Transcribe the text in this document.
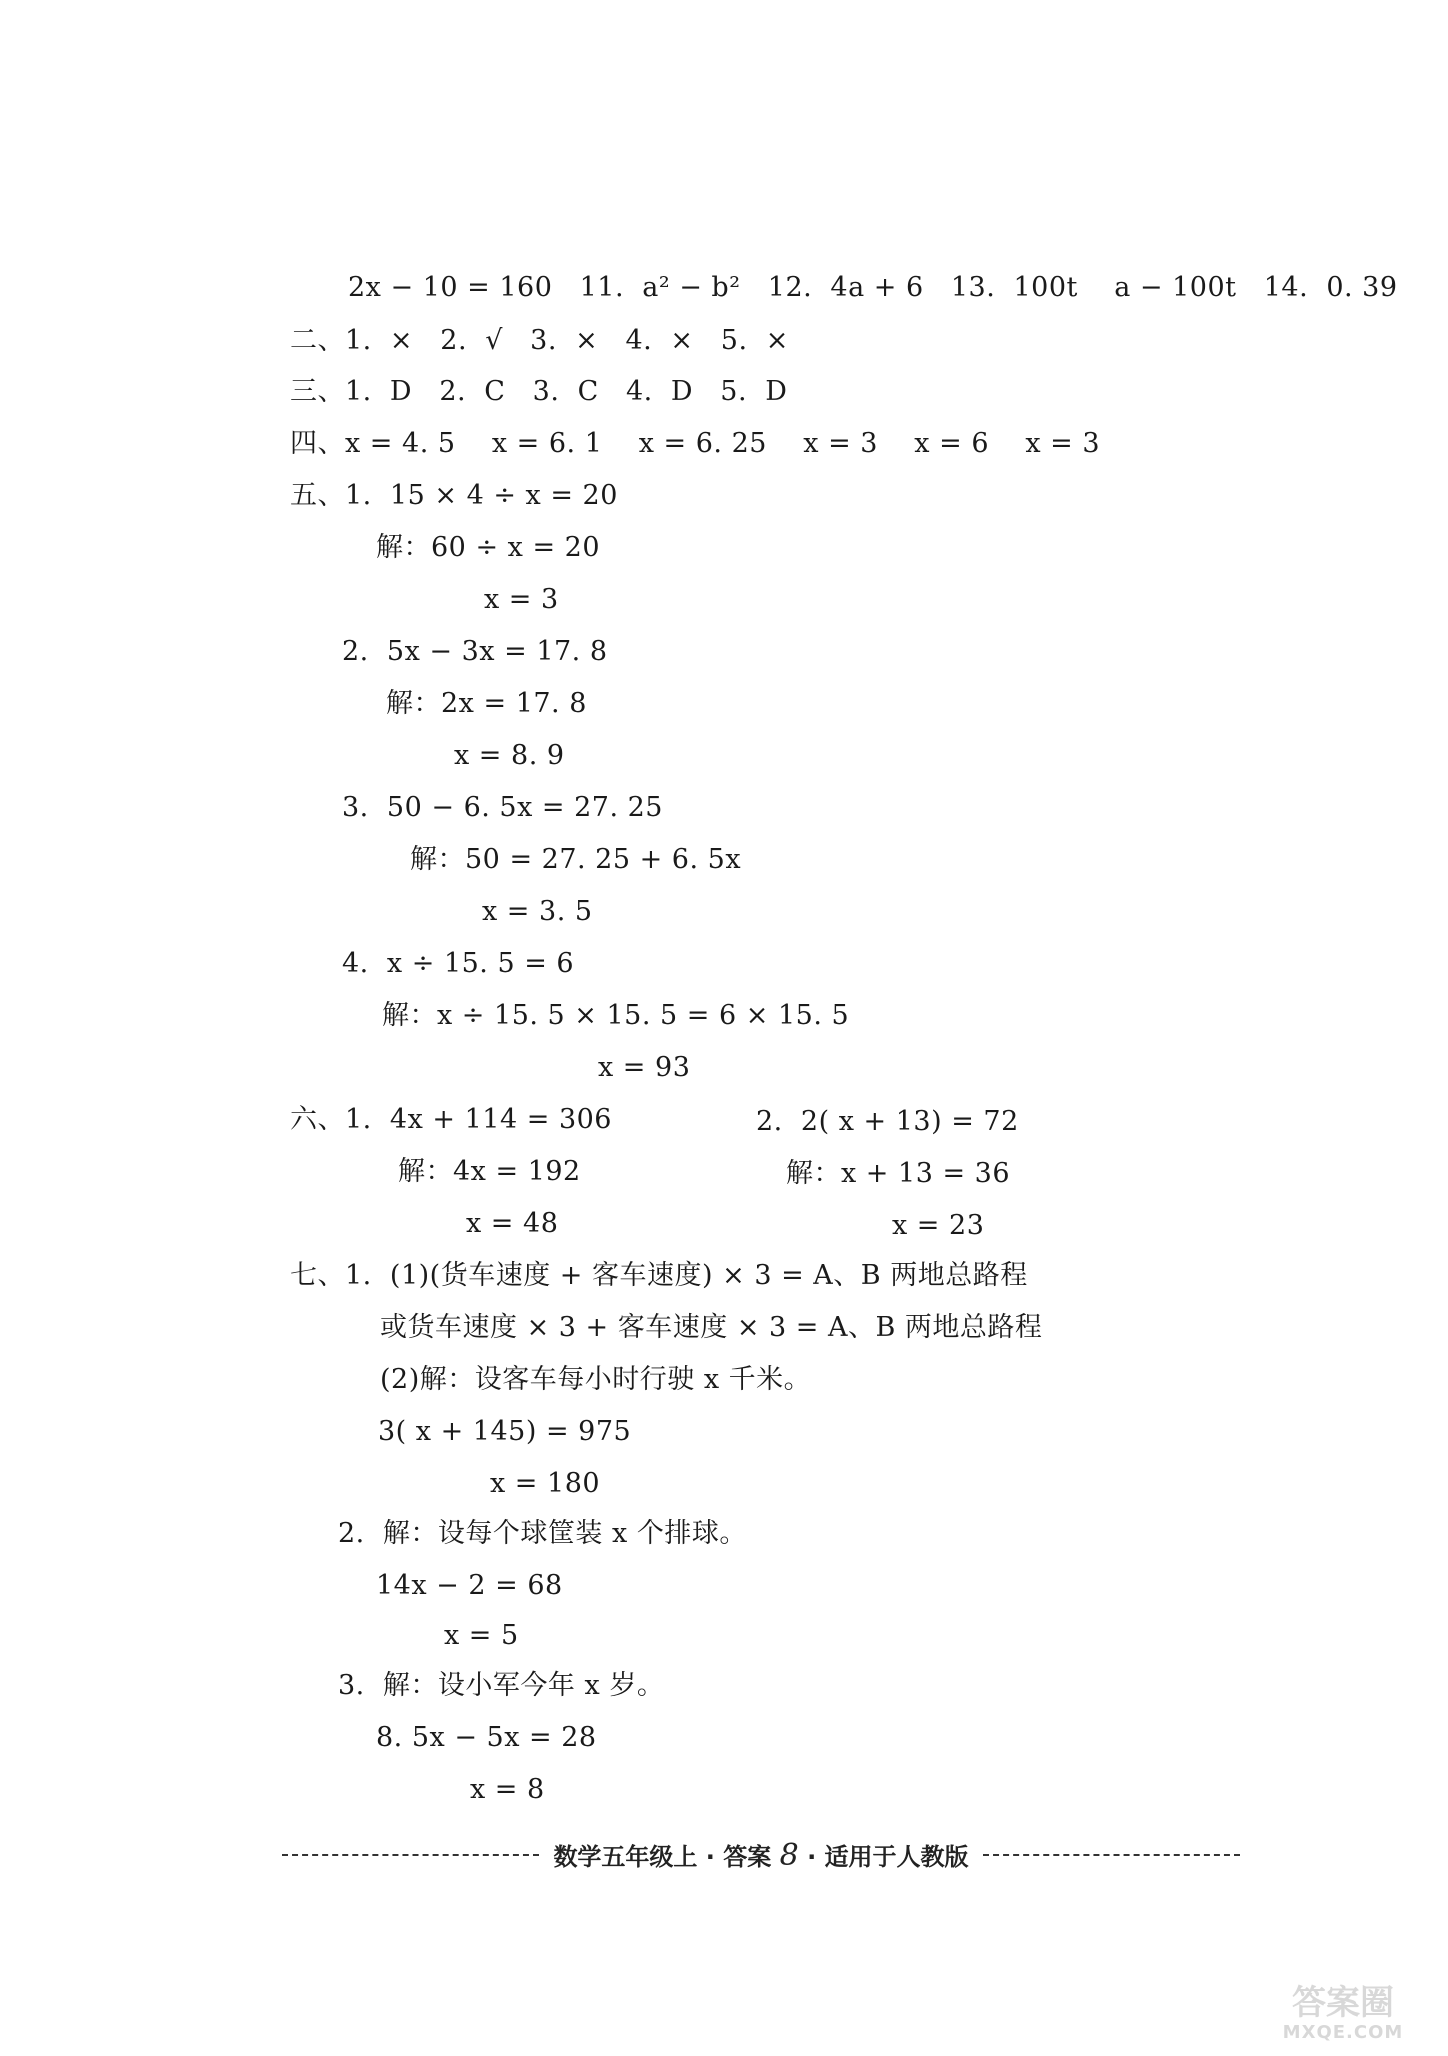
2x − 10 = 160   11.  a² − b²   12.  4a + 6   13.  100t    a − 100t   14.  0. 39
二、1.  ×   2.  √   3.  ×   4.  ×   5.  ×
三、1.  D   2.  C   3.  C   4.  D   5.  D
四、x = 4. 5    x = 6. 1    x = 6. 25    x = 3    x = 6    x = 3
五、1.  15 × 4 ÷ x = 20
解：60 ÷ x = 20
x = 3
2.  5x − 3x = 17. 8
解：2x = 17. 8
x = 8. 9
3.  50 − 6. 5x = 27. 25
解：50 = 27. 25 + 6. 5x
x = 3. 5
4.  x ÷ 15. 5 = 6
解：x ÷ 15. 5 × 15. 5 = 6 × 15. 5
x = 93
六、1.  4x + 114 = 306	2.  2( x + 13) = 72
解：4x = 192	解：x + 13 = 36
x = 48	x = 23
七、1.  (1)(货车速度 + 客车速度) × 3 = A、B 两地总路程
或货车速度 × 3 + 客车速度 × 3 = A、B 两地总路程
(2)解：设客车每小时行驶 x 千米。
3( x + 145) = 975
x = 180
2.  解：设每个球筐装 x 个排球。
14x − 2 = 68
x = 5
3.  解：设小军今年 x 岁。
8. 5x − 5x = 28
x = 8
数学五年级上 · 答案 8 · 适用于人教版
答案圈
MXQE.COM
